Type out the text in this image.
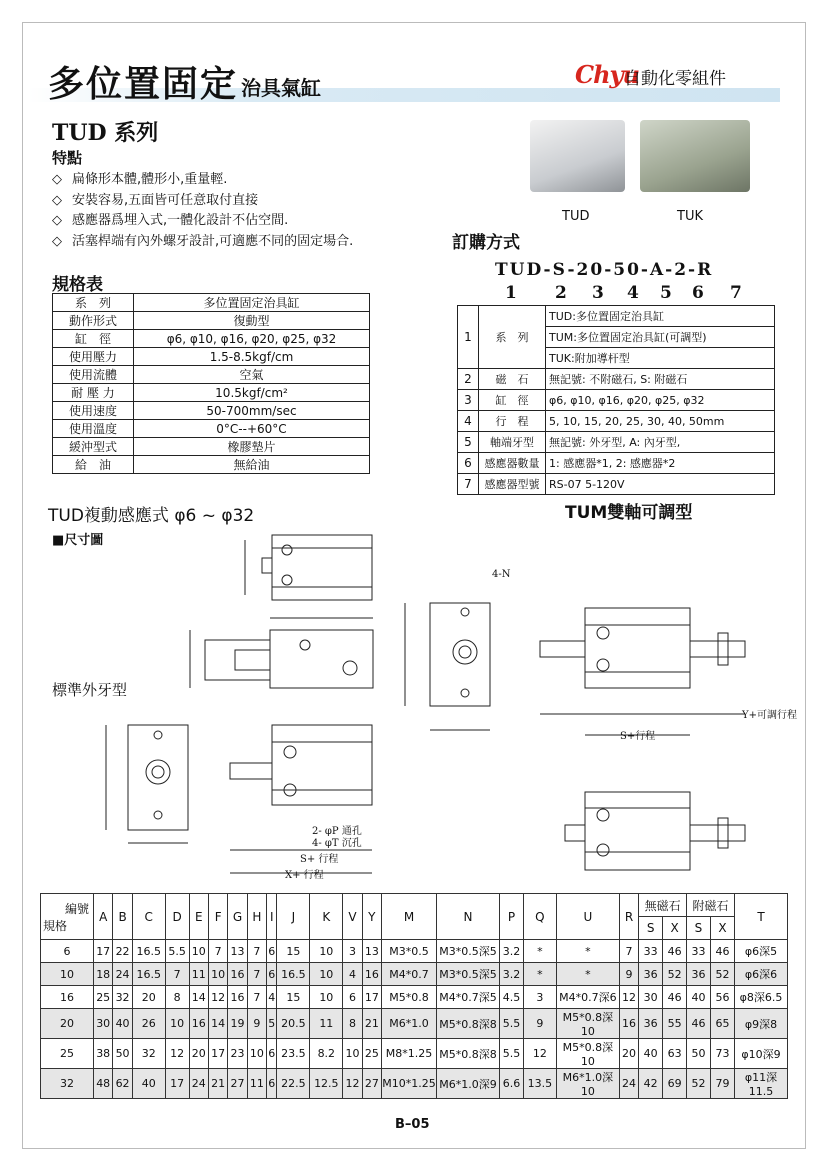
多位置固定 治具氣缸	Chyu
自動化零組件
TUD 系列
特點
◇ 扁條形本體,體形小,重量輕.
◇ 安裝容易,五面皆可任意取付直接
◇ 感應器爲埋入式,一體化設計不佔空間.
◇ 活塞桿端有內外螺牙設計,可適應不同的固定場合.
TUD	TUK
訂購方式
TUD-S-20-50-A-2-R
1 2 3 4 5 6 7
1	系　列	TUD:多位置固定治具缸
		TUM:多位置固定治具缸(可調型)
		TUK:附加導杆型
2	磁　石	無記號: 不附磁石, S: 附磁石
3	缸　徑	φ6, φ10, φ16, φ20, φ25, φ32
4	行　程	5, 10, 15, 20, 25, 30, 40, 50mm
5	軸端牙型	無記號: 外牙型, A: 內牙型,
6	感應器數量	1: 感應器*1, 2: 感應器*2
7	感應器型號	RS-07 5-120V
規格表
系　列	多位置固定治具缸
動作形式	復動型
缸　徑	φ6, φ10, φ16, φ20, φ25, φ32
使用壓力	1.5-8.5kgf/cm
使用流體	空氣
耐 壓 力	10.5kgf/cm²
使用速度	50-700mm/sec
使用溫度	0°C--+60°C
緩沖型式	橡膠墊片
給　油	無給油
TUD複動感應式 φ6 ~ φ32	TUM雙軸可調型
■尺寸圖
標準外牙型
4-N
Y+可調行程
S+行程
S+ 行程
X+ 行程
2- φP 通孔
4- φT 沉孔
編號
規格	A	B	C	D	E	F	G	H	I	J	K	V	Y	M	N	P	Q	U	R	無磁石		附磁石		T
																				S	X	S	X	
6	17	22	16.5	5.5	10	7	13	7	6	15	10	3	13	M3*0.5	M3*0.5深5	3.2	*	*	7	33	46	33	46	φ6深5
10	18	24	16.5	7	11	10	16	7	6	16.5	10	4	16	M4*0.7	M3*0.5深5	3.2	*	*	9	36	52	36	52	φ6深6
16	25	32	20	8	14	12	16	7	4	15	10	6	17	M5*0.8	M4*0.7深5	4.5	3	M4*0.7深6	12	30	46	40	56	φ8深6.5
20	30	40	26	10	16	14	19	9	5	20.5	11	8	21	M6*1.0	M5*0.8深8	5.5	9	M5*0.8深10	16	36	55	46	65	φ9深8
25	38	50	32	12	20	17	23	10	6	23.5	8.2	10	25	M8*1.25	M5*0.8深8	5.5	12	M5*0.8深10	20	40	63	50	73	φ10深9
32	48	62	40	17	24	21	27	11	6	22.5	12.5	12	27	M10*1.25	M6*1.0深9	6.6	13.5	M6*1.0深10	24	42	69	52	79	φ11深11.5
B–05
